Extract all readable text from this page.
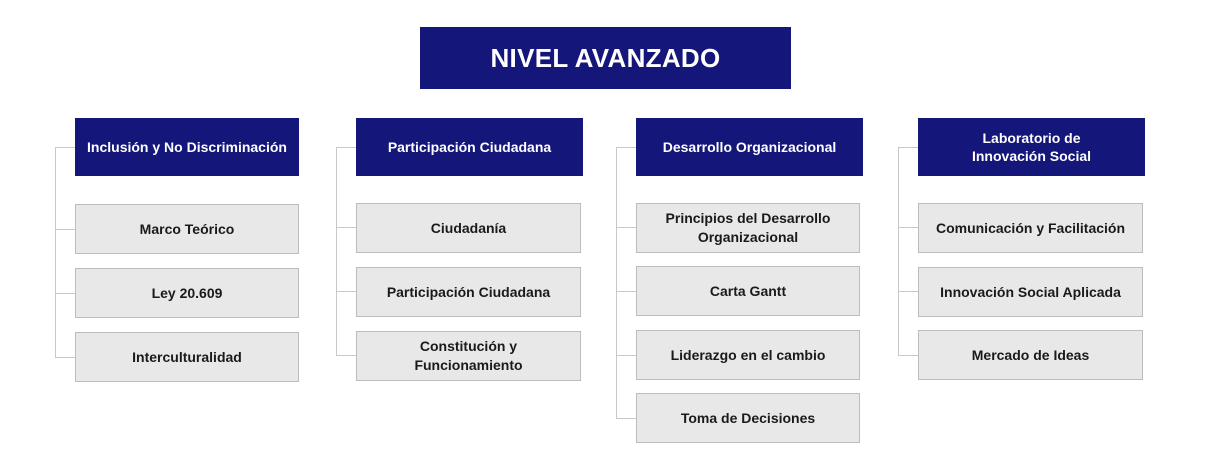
NIVEL AVANZADO
Inclusión y No Discriminación
Marco Teórico
Ley 20.609
Interculturalidad
Participación Ciudadana
Ciudadanía
Participación Ciudadana
Constitución y Funcionamiento
Desarrollo Organizacional
Principios del Desarrollo Organizacional
Carta Gantt
Liderazgo en el cambio
Toma de Decisiones
Laboratorio de Innovación Social
Comunicación y Facilitación
Innovación Social Aplicada
Mercado de Ideas
